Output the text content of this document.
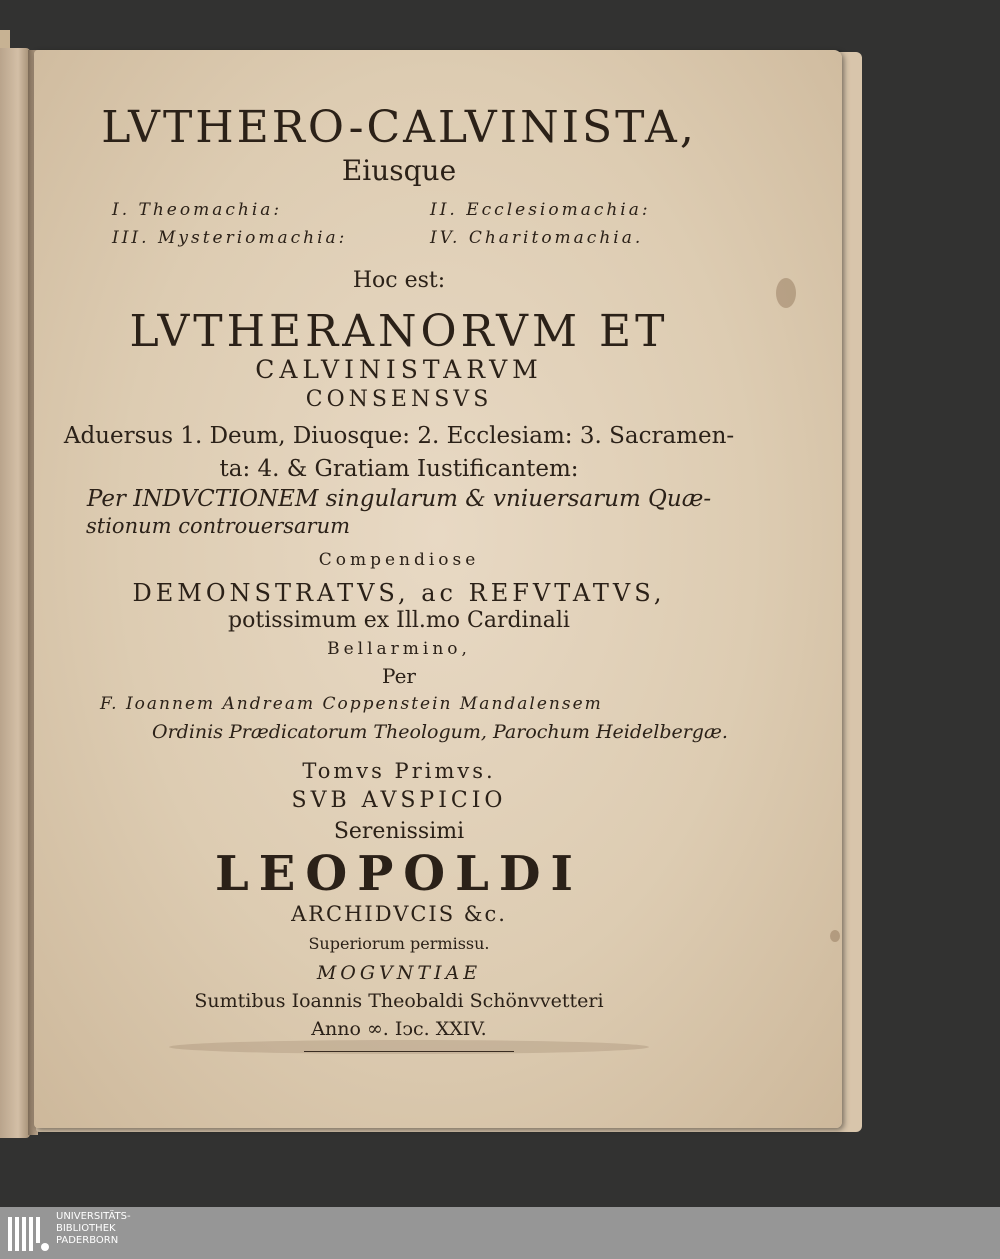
LVTHERO-CALVINISTA,
Eiusque
I. Theomachia:	II. Ecclesiomachia:
III. Mysteriomachia:	IV. Charitomachia.
Hoc est:
LVTHERANORVM ET
CALVINISTARVM
CONSENSVS
Aduersus 1. Deum, Diuosque: 2. Ecclesiam: 3. Sacramen-
ta: 4. & Gratiam Iustificantem:
Per INDVCTIONEM singularum & vniuersarum Quæ-
stionum controuersarum
Compendiose
DEMONSTRATVS, ac REFVTATVS,
potissimum ex Ill.mo Cardinali
Bellarmino,
Per
F. Ioannem Andream Coppenstein Mandalensem
Ordinis Prædicatorum Theologum, Parochum Heidelbergæ.
Tomvs Primvs.
SVB AVSPICIO
Serenissimi
LEOPOLDI
ARCHIDVCIS &c.
Superiorum permissu.
MOGVNTIAE
Sumtibus Ioannis Theobaldi Schönvvetteri
Anno ∞. Iↄc. XXIV.
UNIVERSITÄTS-
BIBLIOTHEK
PADERBORN
